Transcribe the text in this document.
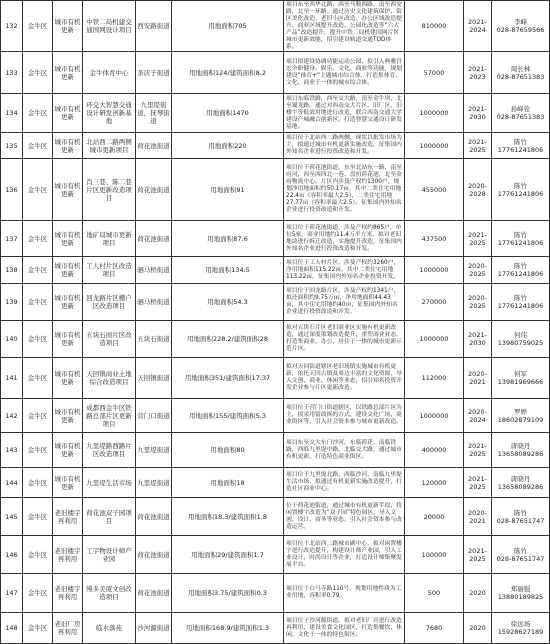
132	金牛区	城市有机更新
中铁二局机建交通国网设计项目 西安路街道	用地面积705
项目东至西华北路，西至马鞍西路，南至西安路，北至一环路。通过历史文化建筑保护、街区美化改造、老旧小区改造、办公区域改造提升、商业区域提升改造、公园化改造等“六大产品”改造提升，提升中铁二局机建国网片区城市更新效能，招引建设轨道交通TOD体系。
810000	2021-2024
李峰
028-87659566
133	金牛区	城市有机更新	金牛体育中心	茶店子街道	用地面积124/建筑面积8.2
项目拟建设协调功能运动公园，拟引入典雅宫宏全职健身、娱乐、文化、商业等功能，规划建设“体育+”主题城市综合体，打造集体育、文化、商业于一体的城市综合体。
57000	2021-2023
周长林
028-87651383
134	金牛区	城市有机更新
环交大智慧交通设计研发创新基地
九里堤街道，抚琴街道
用地面积1470
项目东临铁路，西至交大路，南至金牛坝，北至蜀龙路。通过对西南交大片区、旧厂区、旧楼宇等低效用地进行改造，联合西南交通大学建设产城融合创新区，打造智慧交通设计研发基地。
1000000	2021-2030
孙峰铨
028-87651383
135	金牛区	城市有机更新
北站西二路两侧城市更新项目	荷花池街道	用地面积220
项目位于北站西二路两侧，现状以批发市场为主，拟通过城市有机更新实施改造，征集国内外知名企业进行投资改造和开发。
1000000	2021-2025
陈竹
17761241806
136	金牛区	城市有机更新
肖三巷、陈二巷片区更新改造项目
荷花池街道	用地面积91
项目位于荷花池街道，东至北站东一路，南至府河，西至西四北一巷、盘扭荷花池，北至金府物流中心。片区内涉及产权约1300户，规划净用地面积约50.17亩，其中二类住宅用地22.4亩（容积率最大2.5），二类住宅用地27.77亩（容积率最大2.5）。征集国内外知名企业进行投资改造和开发。
455000	2020-2028
陈竹
17761241806
137	金牛区	城市有机更新
地矿局城市更新项目	荷花池街道	用地面积87.6
项目位于荷花池街道，涉及产权约865户，单位5家，商业用地约11.4万平方米，拟对老旧地块进行拆迁改造，实施提升改造，征集国内外知名企业进行投资改造和开发。
437500	2021-2025
陈竹
17761241806
138	金牛区	城市有机更新
工人村片区改造项目	驷马桥街道	用地面积134.5
项目位于工人村片区，涉及产权约3260户，净用地面积115.22亩，其中二类住宅用地113.22亩，征集国内外知名企业投资开发。
1000000	2020-2025
陈竹
17761241806
139	金牛区	城市有机更新
回龙路片区棚户区改造项目	驷马桥街道	用地面积54.3
项目位于回龙路片区，涉及产权约1341户，拟还面积约9.75万㎡，净用地面积44.43亩，其中住宅用地约40亩，征集国内外知名企业进行投资改造和开发。
270000	2020-2025
陈竹
17761241806
140	金牛区	城市有机更新
五块石商片区改造项目	五块石街道	用地面积228.2/建筑面积28
拟对五块石片区老旧商业区实施有机更新改造，通过深度策划改造提升，重塑商业业态，打造集商业、办公、居住于一体的城市更新示范片区。
1000000	2021-2030
何伟
13980759025
141	金牛区	城市有机更新
天回镇商业土地综合改造项目	天回镇街道	用地面积351/建筑面积17.37
拟对天回街道辖区老旧场镇实施城市有机更新，依托天回古镇及周边丰富的文化资源，导入文创、商业、休闲等业态，招引知名投资开发企业参与片区更新改造。
112000	2020-2021
何军
13981969666
142	金牛区	城市有机更新
成都西金牛区铁路总部片区更新项目
营门口街道	用地面积155/建筑面积5.3
项目位于营门口街道辖区，以铁路总部片区为主，拟采用留改拆的方式，建设文化广场、商业街区等，引入社会资本参与城市更新改造。
1000000	2020-2024
罗婷
18602879109
143	金牛区	城市有机更新
九里堤路西路片区改造项目	九里堤街道	用地面积80
项目东至交大东门沙河，东临荷花，南临铁路，西临九里堤中路，北临交大路，通过城市有机更新，打造特色商业街区。
400000	2021-2025
唐晓丹
13658089286
144	金牛区	城市有机更新	九里堤生活市场 九里堤街道	用地面积18
项目位于九里堤北路，西临沙河，南临九里堤生活市场，拟通过有机更新实施改造提升，打造社区商业中心。
120000	2021-2025
唐晓丹
13658089286
145	金牛区	老旧楼宇再利用
荷花池双子园项目	荷花池街道	用地面积18.3/建筑面积1.8
位于荷花池街道，通过城市有机更新手段，将闲置楼宇改造为“双子园”特色园区，导入文创、设计、商务等业态，引入社会资本参与改造运营。
20000	2020-2021
陈竹
028-87651747
146	金牛区	老旧楼宇再利用
工宇物设计师产业园	荷花池街道	用地面积29/建筑面积1.7
项目位于北站西二路城市副中心，拟对闲置楼宇进行改造提升，构建设计师产业园，引入工业设计、时尚设计等企业，打造设计师集聚发展平台。
100000	2021-2025
陈竹
028-87651747
147	金牛区	老旧楼宇再利用
缦多美厦文创改造项目	荷花池街道	用地面积3.75/建筑面积0.3	项目位于白马寺路110号，现划用地性质为工业用地，容积率0.79。	500	2020	郑丽强
13880189825
148	金牛区	老旧厂房再利用	临水落苑	沙河源街道	用地面积168.9/建筑面积1.3
项目位于沙河源街道，拟对老旧厂房进行改造再利用，建设美食文化园区，打造集餐饮、休闲、文化于一体的特色街区。
7680	2020	徐远场
15928627189
